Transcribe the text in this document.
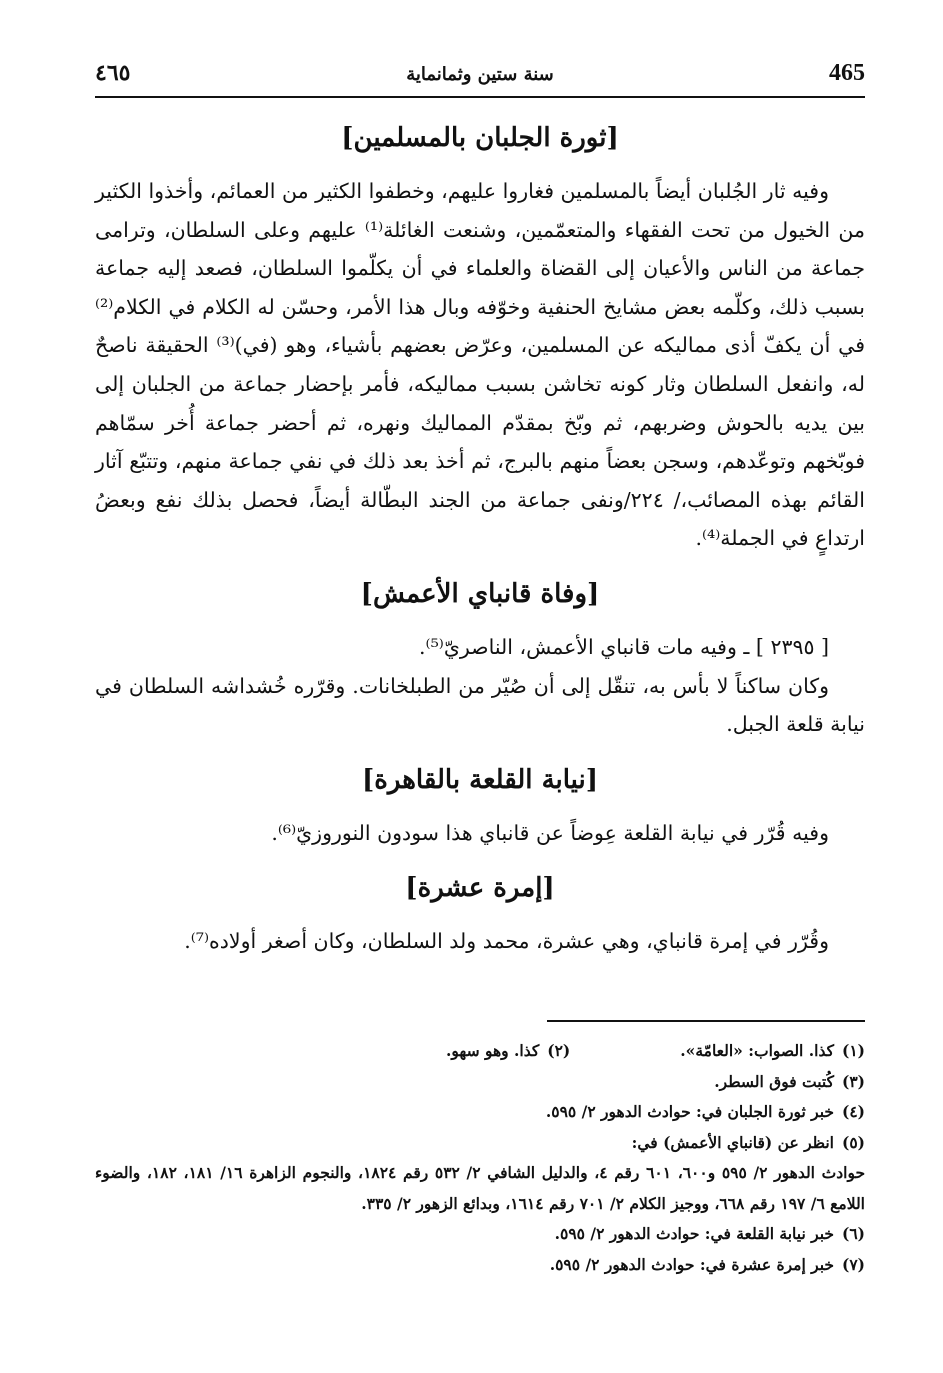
465
سنة ستين وثمانماية
٤٦٥
[ثورة الجلبان بالمسلمين]

وفيه ثار الجُلبان أيضاً بالمسلمين فغاروا عليهم، وخطفوا الكثير من العمائم، وأخذوا الكثير من الخيول من تحت الفقهاء والمتعمّمين، وشنعت الغائلة⁽¹⁾ عليهم وعلى السلطان، وترامى جماعة من الناس والأعيان إلى القضاة والعلماء في أن يكلّموا السلطان، فصعد إليه جماعة بسبب ذلك، وكلّمه بعض مشايخ الحنفية وخوّفه وبال هذا الأمر، وحسّن له الكلام في الكلام⁽²⁾ في أن يكفّ أذى مماليكه عن المسلمين، وعرّض بعضهم بأشياء، وهو (في)⁽³⁾ الحقيقة ناصحٌ له، وانفعل السلطان وثار كونه تخاشن بسبب مماليكه، فأمر بإحضار جماعة من الجلبان إلى بين يديه بالحوش وضربهم، ثم وبّخ بمقدّم المماليك ونهره، ثم أحضر جماعة أُخر سمّاهم فوبّخهم وتوعّدهم، وسجن بعضاً منهم بالبرج، ثم أخذ بعد ذلك في نفي جماعة منهم، وتتبّع آثار القائم بهذه المصائب،/ ٢٢٤/ونفى جماعة من الجند البطّالة أيضاً، فحصل بذلك نفع وبعضُ ارتداعٍ في الجملة⁽⁴⁾.

[وفاة قانباي الأعمش]

[ ٢٣٩٥ ] ـ وفيه مات قانباي الأعمش، الناصريّ⁽⁵⁾.

وكان ساكناً لا بأس به، تنقّل إلى أن صُيّر من الطبلخانات. وقرّره خُشداشه السلطان في نيابة قلعة الجبل.

[نيابة القلعة بالقاهرة]

وفيه قُرّر في نيابة القلعة عِوضاً عن قانباي هذا سودون النوروزيّ⁽⁶⁾.

[إمرة عشرة]

وقُرّر في إمرة قانباي، وهي عشرة، محمد ولد السلطان، وكان أصغر أولاده⁽⁷⁾.

(١)كذا. الصواب: «العامّة».
(٢)كذا. وهو سهو.
(٣)كُتبت فوق السطر.
(٤)خبر ثورة الجلبان في: حوادث الدهور ٢/ ٥٩٥.
(٥)انظر عن (قانباي الأعمش) في:
حوادث الدهور ٢/ ٥٩٥ و٦٠٠، ٦٠١ رقم ٤، والدليل الشافي ٢/ ٥٣٢ رقم ١٨٢٤، والنجوم الزاهرة ١٦/ ١٨١، ١٨٢، والضوء اللامع ٦/ ١٩٧ رقم ٦٦٨، ووجيز الكلام ٢/ ٧٠١ رقم ١٦١٤، وبدائع الزهور ٢/ ٣٣٥.
(٦)خبر نيابة القلعة في: حوادث الدهور ٢/ ٥٩٥.
(٧)خبر إمرة عشرة في: حوادث الدهور ٢/ ٥٩٥.
